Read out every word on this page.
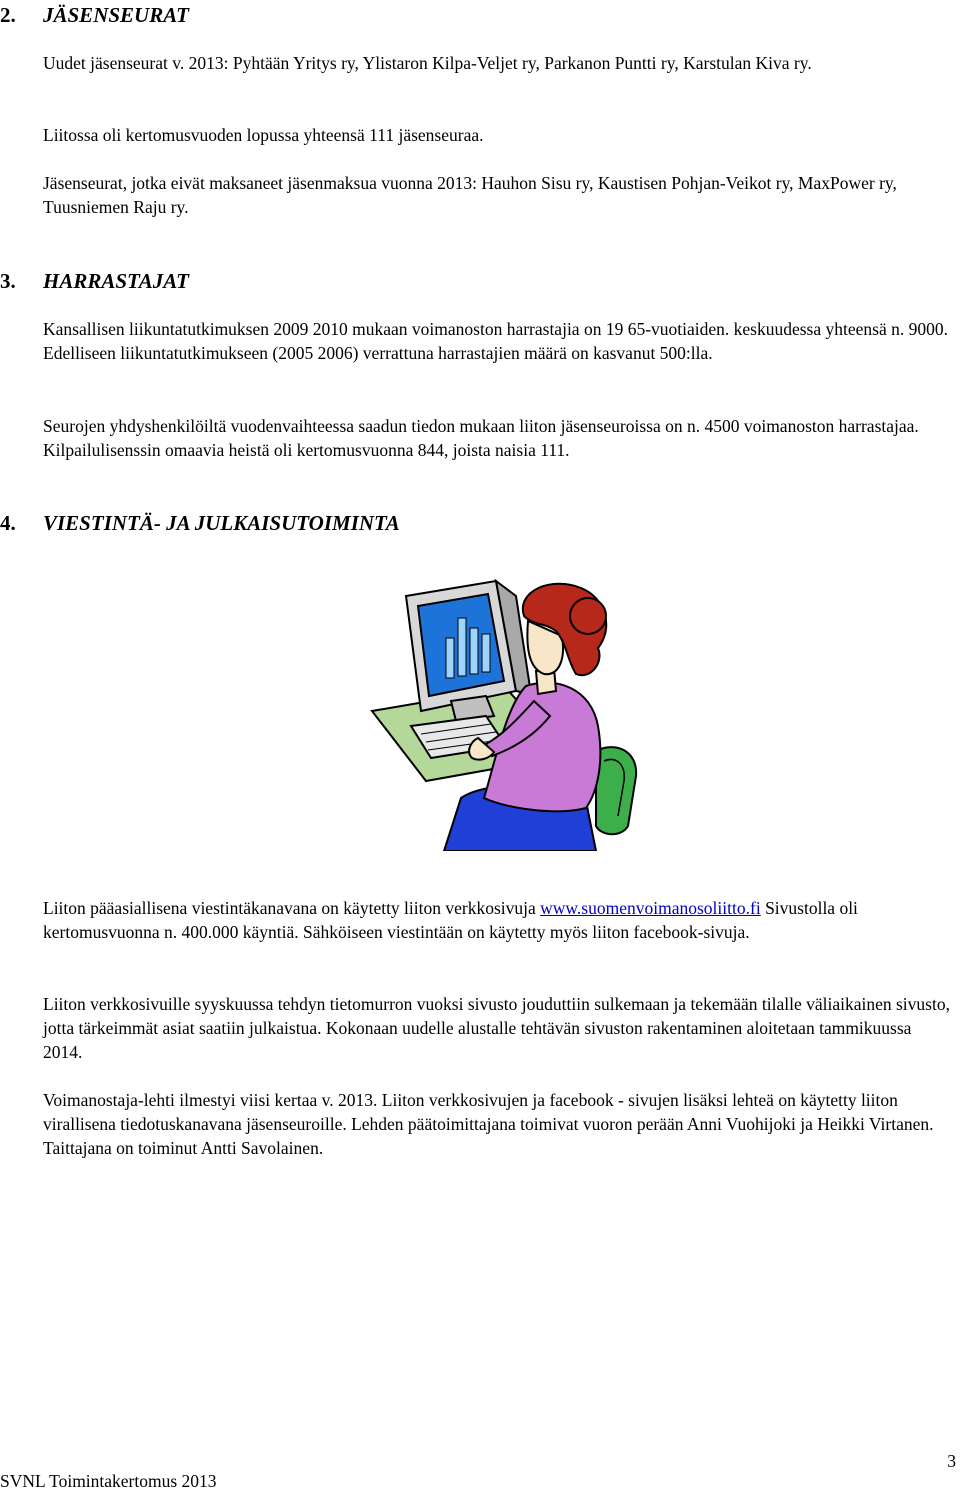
2. JÄSENSEURAT

Uudet jäsenseurat v. 2013: Pyhtään Yritys ry, Ylistaron Kilpa-Veljet ry, Parkanon Puntti ry, Karstulan Kiva ry.

Liitossa oli kertomusvuoden lopussa yhteensä 111 jäsenseuraa.

Jäsenseurat, jotka eivät maksaneet jäsenmaksua vuonna 2013: Hauhon Sisu ry, Kaustisen Pohjan-Veikot ry, MaxPower ry, Tuusniemen Raju ry.

3. HARRASTAJAT

Kansallisen liikuntatutkimuksen 2009 2010 mukaan voimanoston harrastajia on 19 65-vuotiaiden. keskuudessa yhteensä n. 9000. Edelliseen liikuntatutkimukseen (2005 2006) verrattuna harrastajien määrä on kasvanut 500:lla.

Seurojen yhdyshenkilöiltä vuodenvaihteessa saadun tiedon mukaan liiton jäsenseuroissa on n. 4500 voimanoston harrastajaa. Kilpailulisenssin omaavia heistä oli kertomusvuonna 844, joista naisia 111.

4. VIESTINTÄ- JA JULKAISUTOIMINTA

Liiton pääasiallisena viestintäkanavana on käytetty liiton verkkosivuja www.suomenvoimanosoliitto.fi Sivustolla oli kertomusvuonna n. 400.000 käyntiä. Sähköiseen viestintään on käytetty myös liiton facebook-sivuja.

Liiton verkkosivuille syyskuussa tehdyn tietomurron vuoksi sivusto jouduttiin sulkemaan ja tekemään tilalle väliaikainen sivusto, jotta tärkeimmät asiat saatiin julkaistua. Kokonaan uudelle alustalle tehtävän sivuston rakentaminen aloitetaan tammikuussa 2014.

Voimanostaja-lehti ilmestyi viisi kertaa v. 2013. Liiton verkkosivujen ja facebook - sivujen lisäksi lehteä on käytetty liiton virallisena tiedotuskanavana jäsenseuroille. Lehden päätoimittajana toimivat vuoron perään Anni Vuohijoki ja Heikki Virtanen. Taittajana on toiminut Antti Savolainen.

3
SVNL Toimintakertomus 2013
